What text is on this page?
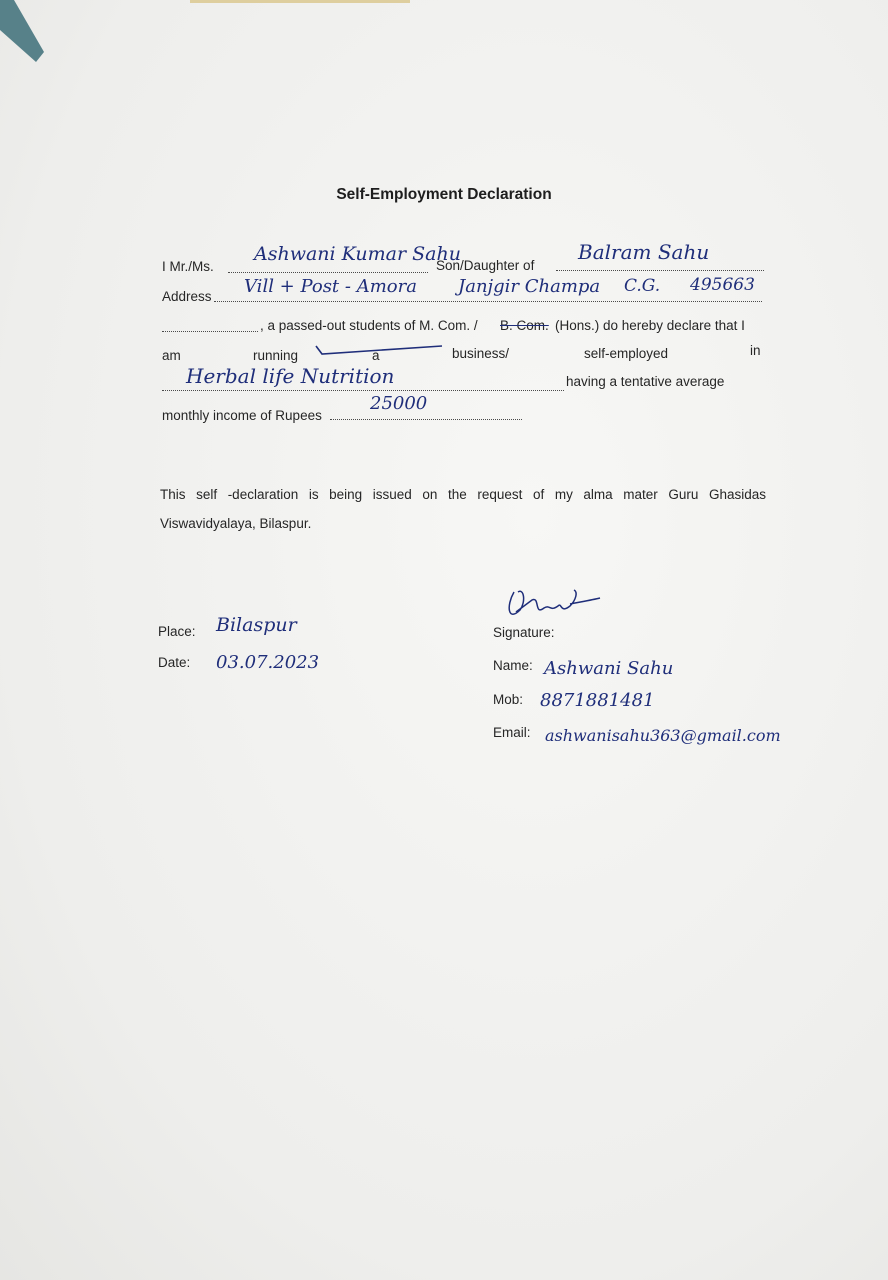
Self-Employment Declaration
I Mr./Ms.
Ashwani Kumar Sahu
Son/Daughter of
Balram Sahu
Address Vill + Post - Amora Janjgir Champa C.G. 495663
, a passed-out students of M. Com. / B. Com. (Hons.) do hereby declare that I
am	running	a	business/	self-employed	in
Herbal life Nutrition	having a tentative average
monthly income of Rupees
25000
This self -declaration is being issued on the request of my alma mater Guru Ghasidas Viswavidyalaya, Bilaspur.
Place: Bilaspur
Date: 03.07.2023
Signature:
Name: Ashwani Sahu
Mob: 8871881481
Email: ashwanisahu363@gmail.com
